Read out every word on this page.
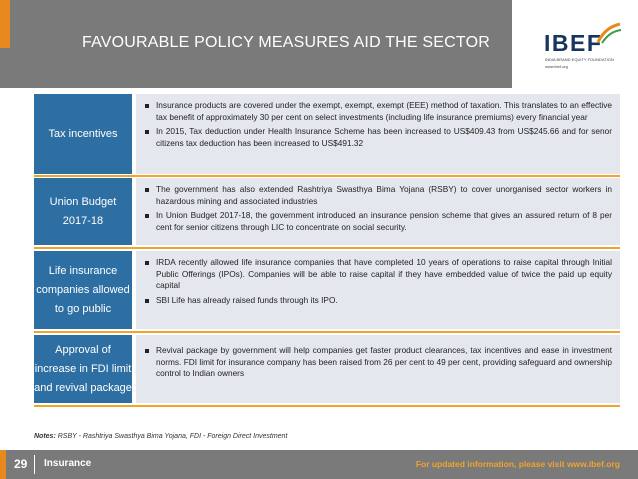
FAVOURABLE POLICY MEASURES AID THE SECTOR	IBEF
INDIA BRAND EQUITY FOUNDATION
www.ibef.org
Tax incentives
Insurance products are covered under the exempt, exempt, exempt (EEE) method of taxation. This translates to an effective tax benefit of approximately 30 per cent on select investments (including life insurance premiums) every financial year
In 2015, Tax deduction under Health Insurance Scheme has been increased to US$409.43 from US$245.66 and for senor citizens tax deduction has been increased to US$491.32
Union Budget
2017-18
The government has also extended Rashtriya Swasthya Bima Yojana (RSBY) to cover unorganised sector workers in hazardous mining and associated industries
In Union Budget 2017-18, the government introduced an insurance pension scheme that gives an assured return of 8 per cent for senior citizens through LIC to concentrate on social security.
Life insurance
companies allowed
to go public
IRDA recently allowed life insurance companies that have completed 10 years of operations to raise capital through Initial Public Offerings (IPOs). Companies will be able to raise capital if they have embedded value of twice the paid up equity capital
SBI Life has already raised funds through its IPO.
Approval of
increase in FDI limit
and revival package
Revival package by government will help companies get faster product clearances, tax incentives and ease in investment norms. FDI limit for insurance company has been raised from 26 per cent to 49 per cent, providing safeguard and ownership control to Indian owners
Notes: RSBY - Rashtriya Swasthya Bima Yojana, FDI - Foreign Direct Investment
29 Insurance	For updated information, please visit www.ibef.org
